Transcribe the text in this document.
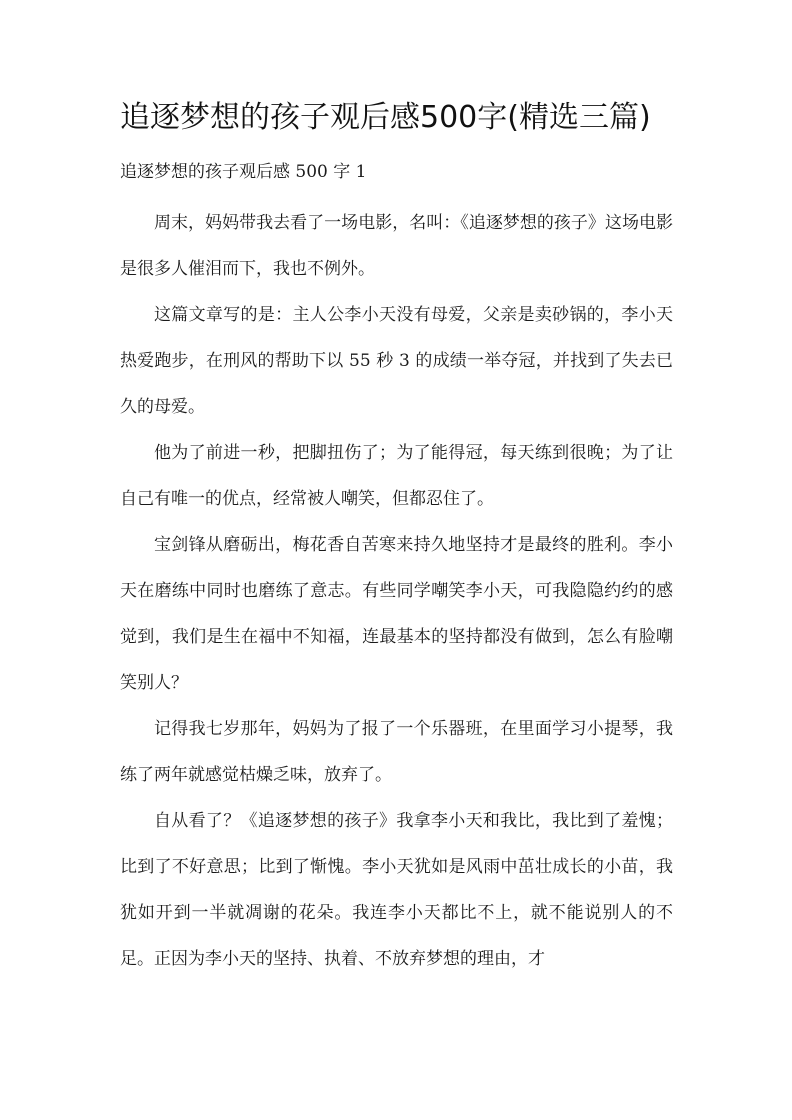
追逐梦想的孩子观后感500字(精选三篇)
追逐梦想的孩子观后感 500 字 1

周末，妈妈带我去看了一场电影，名叫：《追逐梦想的孩子》这场电影是很多人催泪而下，我也不例外。

这篇文章写的是：主人公李小天没有母爱，父亲是卖砂锅的，李小天热爱跑步，在刑风的帮助下以 55 秒 3 的成绩一举夺冠，并找到了失去已久的母爱。

他为了前进一秒，把脚扭伤了；为了能得冠，每天练到很晚；为了让自己有唯一的优点，经常被人嘲笑，但都忍住了。

宝剑锋从磨砺出，梅花香自苦寒来持久地坚持才是最终的胜利。李小天在磨练中同时也磨练了意志。有些同学嘲笑李小天，可我隐隐约约的感觉到，我们是生在福中不知福，连最基本的坚持都没有做到，怎么有脸嘲笑别人？

记得我七岁那年，妈妈为了报了一个乐器班，在里面学习小提琴，我练了两年就感觉枯燥乏味，放弃了。

自从看了？《追逐梦想的孩子》我拿李小天和我比，我比到了羞愧；比到了不好意思；比到了惭愧。李小天犹如是风雨中茁壮成长的小苗，我犹如开到一半就凋谢的花朵。我连李小天都比不上，就不能说别人的不足。正因为李小天的坚持、执着、不放弃梦想的理由，才
